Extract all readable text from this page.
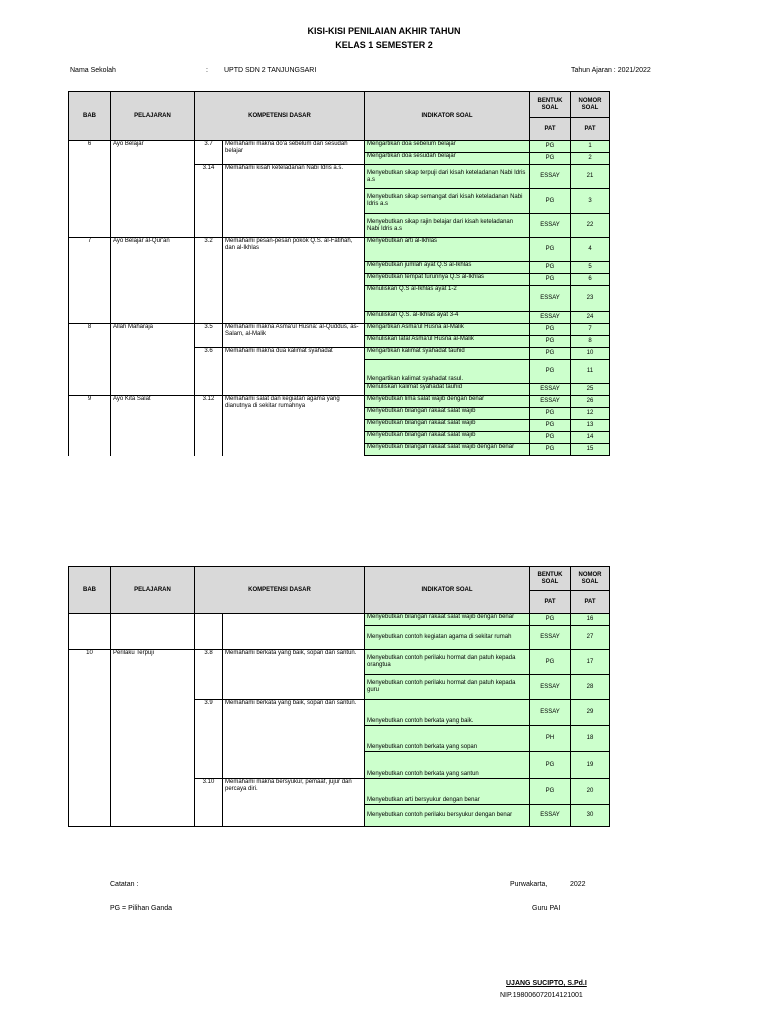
KISI-KISI PENILAIAN AKHIR TAHUN
KELAS 1 SEMESTER 2
Nama Sekolah	: UPTD SDN 2 TANJUNGSARI	Tahun Ajaran : 2021/2022
BAB	PELAJARAN	KOMPETENSI DASAR		INDIKATOR SOAL	BENTUK SOAL	NOMOR SOAL
					PAT	PAT
6	Ayo Belajar	3.7	Memahami makna do'a sebelum dan sesudah belajar	Mengartikan doa sebelum belajar	PG	1
				Mengartikan doa sesudah belajar	PG	2
		3.14	Memahami kisah keteladanan Nabi Idris a.s.	Menyebutkan sikap terpuji dari kisah keteladanan Nabi Idris a.s	ESSAY	21
				Menyebutkan sikap semangat dari kisah keteladanan Nabi Idris a.s	PG	3
				Menyebutkan sikap rajin belajar dari kisah keteladanan Nabi Idris a.s	ESSAY	22
7	Ayo Belajar al-Qur'an	3.2	Memahami pesan-pesan pokok Q.S. al-Fatihah, dan al-Ikhlas	Menyebutkan arti al-Ikhlas	PG	4
				Menyebutkan jumlah ayat Q.S al-Ikhlas	PG	5

				Menyebutkan tempat turunnya Q.S al-Ikhlas	PG	6
				Menuliskan Q.S al-Ikhlas ayat 1-2	ESSAY	23
				Menuliskan Q.S. al-Ikhlas ayat 3-4	ESSAY	24
8	Allah Maharaja	3.5	Memahami makna Asma'ul Husna: al-Quddus, as-Salam, al-Malik	Mengartikan Asma'ul Husna al-Malik	PG	7
				Menuliskan lafal Asma'ul Husna al-Malik	PG	8
		3.6	Memahami makna dua kalimat syahadat	Mengartikan kalimat syahadat tauhid	PG	10
				Mengartikan kalimat syahadat rasul.	PG	11
				Menuliskan kalimat syahadat tauhid	ESSAY	25
9	Ayo Kita Salat	3.12	Memahami salat dan kegiatan agama yang dianutnya di sekitar rumahnya	Menyebutkan lima salat wajib dengan benar	ESSAY	26
				Menyebutkan bilangan rakaat salat wajib	PG	12
				Menyebutkan bilangan rakaat salat wajib	PG	13
				Menyebutkan bilangan rakaat salat wajib	PG	14

				Menyebutkan bilangan rakaat salat wajib dengan benar	PG	15
BAB	PELAJARAN	KOMPETENSI DASAR		INDIKATOR SOAL	BENTUK SOAL	NOMOR SOAL
					PAT	PAT

				Menyebutkan bilangan rakaat salat wajib dengan benar	PG	16
				Menyebutkan contoh kegiatan agama di sekitar rumah	ESSAY	27
10	Perilaku Terpuji	3.8	Memahami berkata yang baik, sopan dan santun.	Menyebutkan contoh perilaku hormat dan patuh kepada orangtua	PG	17
				Menyebutkan contoh perilaku hormat dan patuh kepada guru	ESSAY	28
		3.9	Memahami berkata yang baik, sopan dan santun.	Menyebutkan contoh berkata yang baik.	ESSAY	29
				Menyebutkan contoh berkata yang sopan	PH	18
				Menyebutkan contoh berkata yang santun	PG	19
		3.10	Memahami makna bersyukur, pemaaf, jujur dan percaya diri.	Menyebutkan arti bersyukur dengan benar	PG	20
				Menyebutkan contoh perilaku bersyukur dengan benar	ESSAY	30
Catatan :
PG = Pilihan Ganda
Purwakarta,	2022
Guru PAI
UJANG SUCIPTO, S.Pd.I
NIP.198006072014121001
